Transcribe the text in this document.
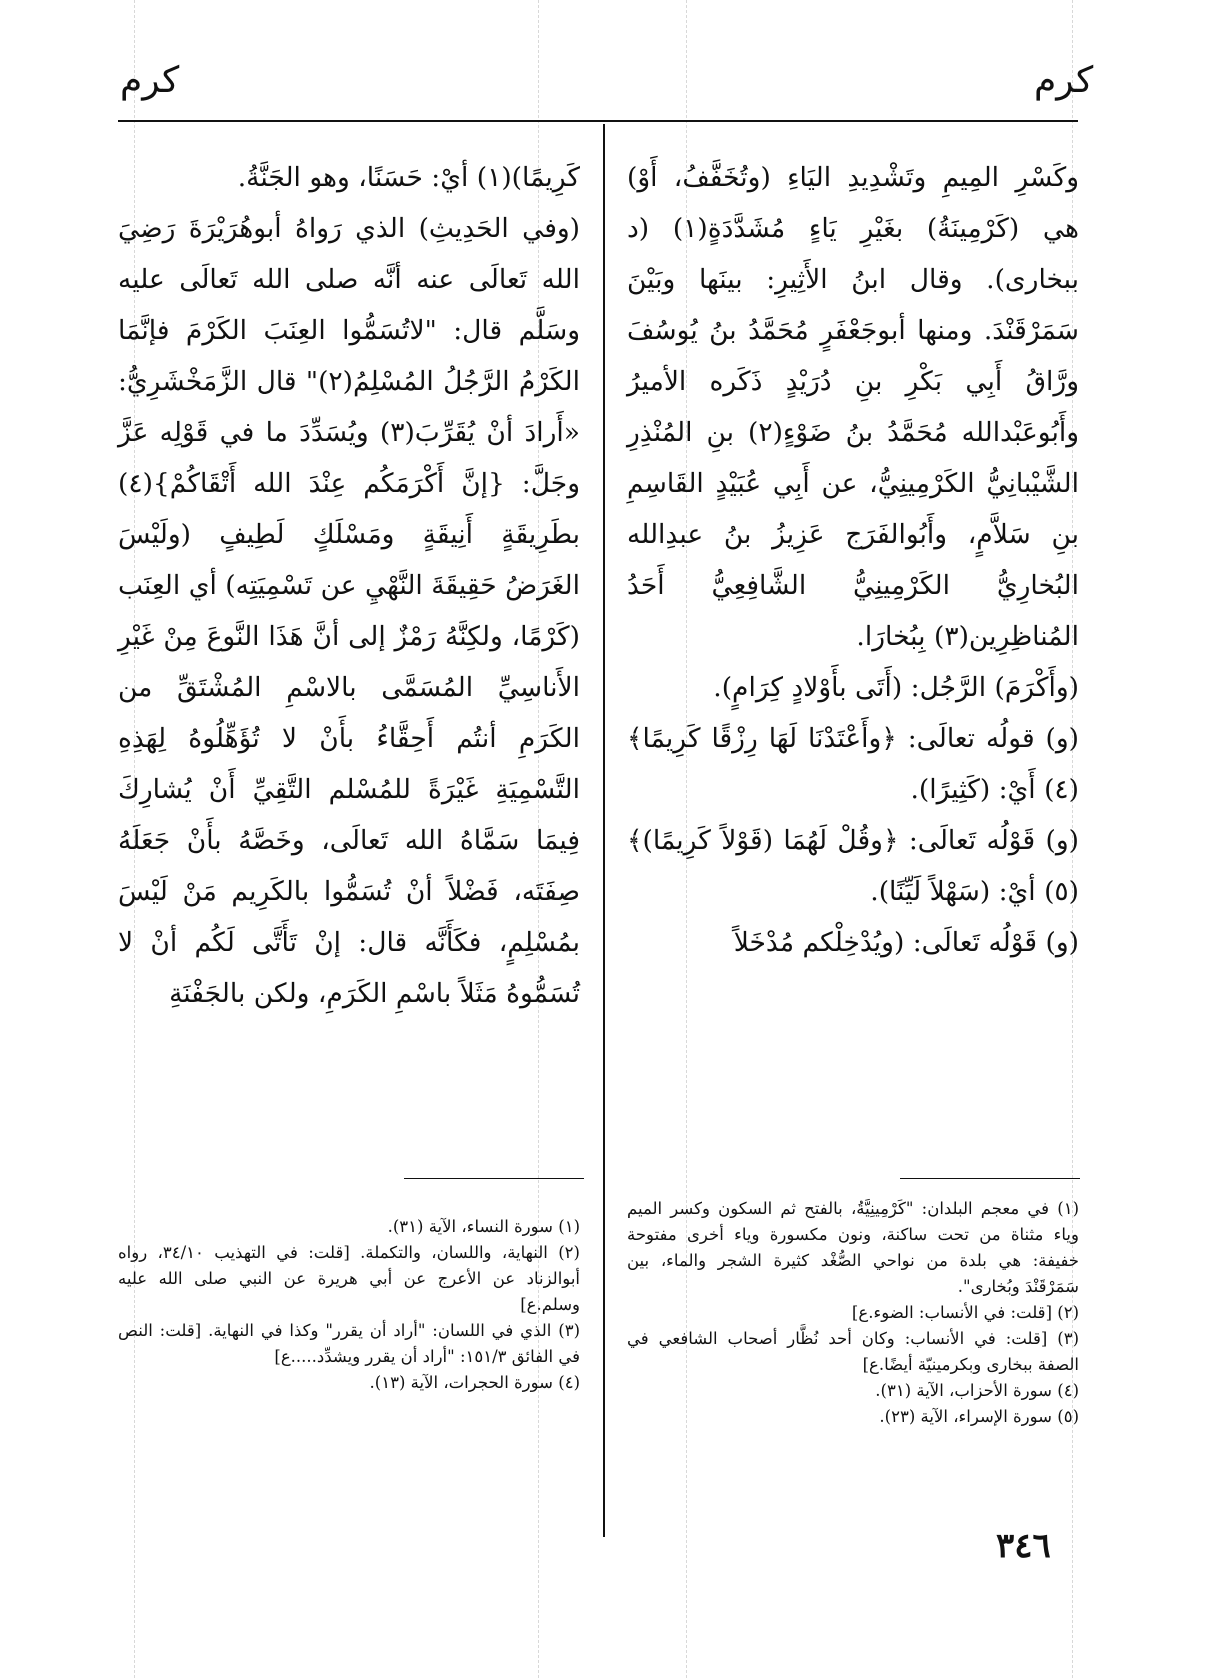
كرم
كرم

وكَسْرِ المِيمِ وتَشْدِيدِ اليَاءِ (وتُخَفَّفُ، أَوْ) هي (كَرْمِينَةُ) بغَيْرِ يَاءٍ مُشَدَّدَةٍ(١) (د ببخارى). وقال ابنُ الأَثِيرِ: بينَها وبَيْنَ سَمَرْقَنْدَ. ومنها أبوجَعْفَرٍ مُحَمَّدُ بنُ يُوسُفَ ورَّاقُ أَبِي بَكْرِ بنِ دُرَيْدٍ ذَكَره الأميرُ وأَبُوعَبْدالله مُحَمَّدُ بنُ ضَوْءٍ(٢) بنِ المُنْذِرِ الشَّيْبانِيُّ الكَرْمِينِيُّ، عن أَبِي عُبَيْدٍ القَاسِمِ بنِ سَلاَّمٍ، وأَبُوالفَرَج عَزِيزُ بنُ عبدِالله البُخارِيُّ الكَرْمِينِيُّ الشَّافِعِيُّ أَحَدُ المُناظِرِين(٣) بِبُخارَا.

(وأَكْرَمَ) الرَّجُل: (أَتَى بأَوْلادٍ كِرَامٍ).

(و) قولُه تعالَى: ﴿وأَعْتَدْنَا لَهَا رِزْقًا كَرِيمًا﴾(٤) أَيْ: (كَثِيرًا).

(و) قَوْلُه تَعالَى: ﴿وقُلْ لَهُمَا (قَوْلاً كَرِيمًا)﴾(٥) أيْ: (سَهْلاً لَيِّنًا).

(و) قَوْلُه تَعالَى: (ويُدْخِلْكم مُدْخَلاً

كَرِيمًا)(١) أيْ: حَسَنًا، وهو الجَنَّةُ.

(وفي الحَدِيثِ) الذي رَواهُ أبوهُرَيْرَةَ رَضِيَ الله تَعالَى عنه أنَّه صلى الله تَعالَى عليه وسَلَّم قال: "لاتُسَمُّوا العِنَبَ الكَرْمَ فإنَّمَا الكَرْمُ الرَّجُلُ المُسْلِمُ(٢)" قال الزَّمَخْشَرِيُّ: «أَرادَ أنْ يُقَرِّبَ(٣) ويُسَدِّدَ ما في قَوْلِه عَزَّ وجَلَّ: {إنَّ أَكْرَمَكُم عِنْدَ الله أَتْقَاكُمْ}(٤) بطَرِيقَةٍ أَنِيقَةٍ ومَسْلَكٍ لَطِيفٍ (ولَيْسَ الغَرَضُ حَقِيقَةَ النَّهْيِ عن تَسْمِيَتِه) أي العِنَب (كَرْمًا، ولكِنَّهُ رَمْزٌ إلى أنَّ هَذَا النَّوعَ مِنْ غَيْرِ الأَناسِيِّ المُسَمَّى بالاسْمِ المُشْتَقِّ من الكَرَمِ أنتُم أَحِقَّاءُ بأَنْ لا تُؤَهِّلُوهُ لِهَذِهِ التَّسْمِيَةِ غَيْرَةً للمُسْلم التَّقِيِّ أَنْ يُشارِكَ فِيمَا سَمَّاهُ الله تَعالَى، وخَصَّهُ بأَنْ جَعَلَهُ صِفَتَه، فَضْلاً أنْ تُسَمُّوا بالكَرِيم مَنْ لَيْسَ بمُسْلِمٍ، فكَأَنَّه قال: إنْ تَأَتَّى لَكُم أنْ لا تُسَمُّوهُ مَثَلاً باسْمِ الكَرَمِ، ولكن بالجَفْنَةِ

(١) في معجم البلدان: "كَرْمِينِيَّةُ، بالفتح ثم السكون وكسر الميم وياء مثناة من تحت ساكنة، ونون مكسورة وياء أخرى مفتوحة خفيفة: هي بلدة من نواحي الصُّغْد كثيرة الشجر والماء، بين سَمَرْقَنْدَ وبُخارى".

(٢) [قلت: في الأنساب: الضوء.ع]

(٣) [قلت: في الأنساب: وكان أحد نُظَّار أصحاب الشافعي في الصفة ببخارى وبكرمينيّة أيضًا.ع]

(٤) سورة الأحزاب، الآية (٣١).

(٥) سورة الإسراء، الآية (٢٣).

(١) سورة النساء، الآية (٣١).

(٢) النهاية، واللسان، والتكملة. [قلت: في التهذيب ٣٤/١٠، رواه أبوالزناد عن الأعرج عن أبي هريرة عن النبي صلى الله عليه وسلم.ع]

(٣) الذي في اللسان: "أراد أن يقرر" وكذا في النهاية. [قلت: النص في الفائق ١٥١/٣: "أراد أن يقرر ويشدِّد.....ع]

(٤) سورة الحجرات، الآية (١٣).

٣٤٦
